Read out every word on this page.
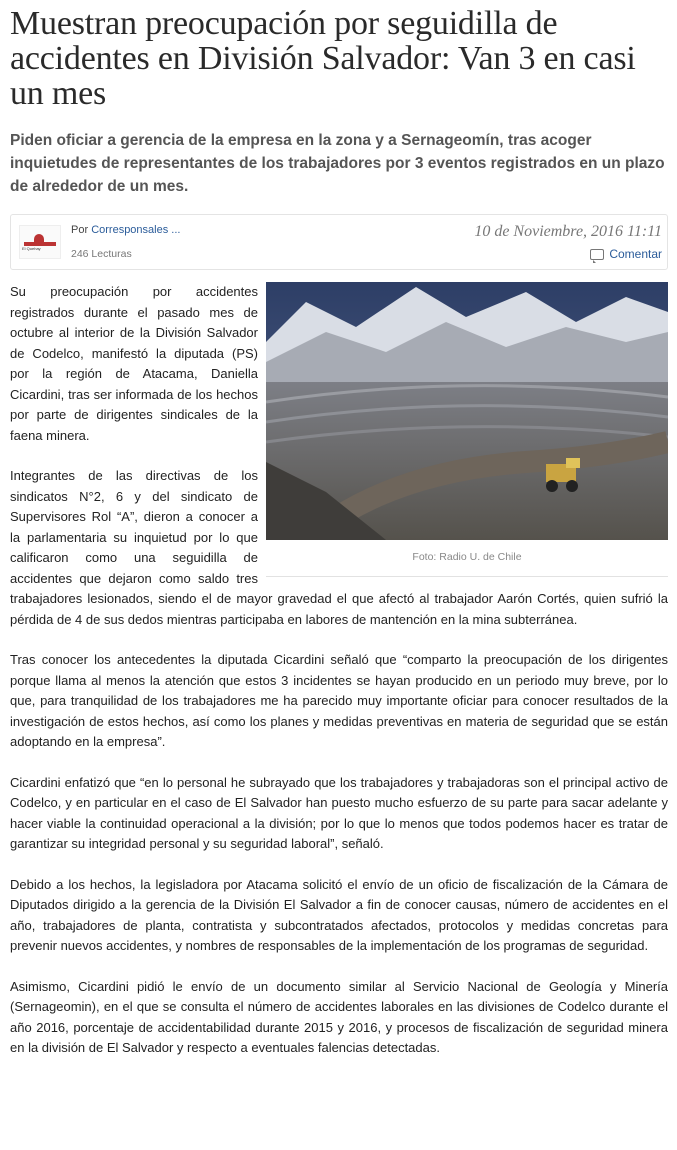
Muestran preocupación por seguidilla de accidentes en División Salvador: Van 3 en casi un mes
Piden oficiar a gerencia de la empresa en la zona y a Sernageomín, tras acoger inquietudes de representantes de los trabajadores por 3 eventos registrados en un plazo de alrededor de un mes.
El Quehay
Por Corresponsales ...
246 Lecturas
10 de Noviembre, 2016 11:11
Comentar
Foto: Radio U. de Chile

Su preocupación por accidentes registrados durante el pasado mes de octubre al interior de la División Salvador de Codelco, manifestó la diputada (PS) por la región de Atacama, Daniella Cicardini, tras ser informada de los hechos por parte de dirigentes sindicales de la faena minera.

Integrantes de las directivas de los sindicatos N°2, 6 y del sindicato de Supervisores Rol “A”, dieron a conocer a la parlamentaria su inquietud por lo que calificaron como una seguidilla de accidentes que dejaron como saldo tres trabajadores lesionados, siendo el de mayor gravedad el que afectó al trabajador Aarón Cortés, quien sufrió la pérdida de 4 de sus dedos mientras participaba en labores de mantención en la mina subterránea.

Tras conocer los antecedentes la diputada Cicardini señaló que “comparto la preocupación de los dirigentes porque llama al menos la atención que estos 3 incidentes se hayan producido en un periodo muy breve, por lo que, para tranquilidad de los trabajadores me ha parecido muy importante oficiar para conocer resultados de la investigación de estos hechos, así como los planes y medidas preventivas en materia de seguridad que se están adoptando en la empresa”.

Cicardini enfatizó que “en lo personal he subrayado que los trabajadores y trabajadoras son el principal activo de Codelco, y en particular en el caso de El Salvador han puesto mucho esfuerzo de su parte para sacar adelante y hacer viable la continuidad operacional a la división; por lo que lo menos que todos podemos hacer es tratar de garantizar su integridad personal y su seguridad laboral”, señaló.

Debido a los hechos, la legisladora por Atacama solicitó el envío de un oficio de fiscalización de la Cámara de Diputados dirigido a la gerencia de la División El Salvador a fin de conocer causas, número de accidentes en el año, trabajadores de planta, contratista y subcontratados afectados, protocolos y medidas concretas para prevenir nuevos accidentes, y nombres de responsables de la implementación de los programas de seguridad.

Asimismo, Cicardini pidió le envío de un documento similar al Servicio Nacional de Geología y Minería (Sernageomin), en el que se consulta el número de accidentes laborales en las divisiones de Codelco durante el año 2016, porcentaje de accidentabilidad durante 2015 y 2016, y procesos de fiscalización de seguridad minera en la división de El Salvador y respecto a eventuales falencias detectadas.
